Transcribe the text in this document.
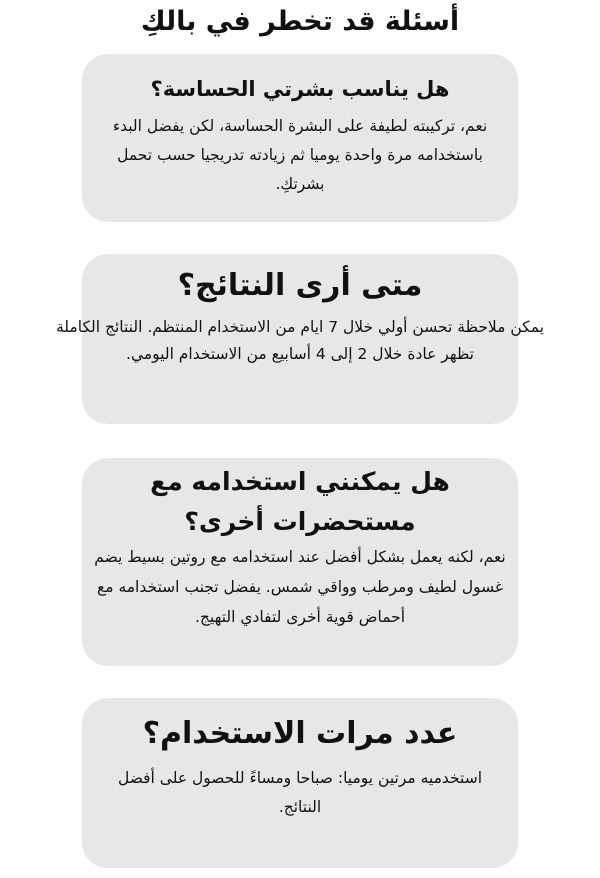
أسئلة قد تخطر في بالكِ
هل يناسب بشرتي الحساسة؟

نعم، تركيبته لطيفة على البشرة الحساسة، لكن يفضل البدء باستخدامه مرة واحدة يوميا ثم زيادته تدريجيا حسب تحمل بشرتكِ.

متى أرى النتائج؟

يمكن ملاحظة تحسن أولي خلال 7 ايام من الاستخدام المنتظم. النتائج الكاملة تظهر عادة خلال 2 إلى 4 أسابيع من الاستخدام اليومي.

هل يمكنني استخدامه مع مستحضرات أخرى؟

نعم، لكنه يعمل بشكل أفضل عند استخدامه مع روتين بسيط يضم غسول لطيف ومرطب وواقي شمس. يفضل تجنب استخدامه مع أحماض قوية أخرى لتفادي التهيج.

عدد مرات الاستخدام؟

استخدميه مرتين يوميا: صباحا ومساءً للحصول على أفضل النتائج.
